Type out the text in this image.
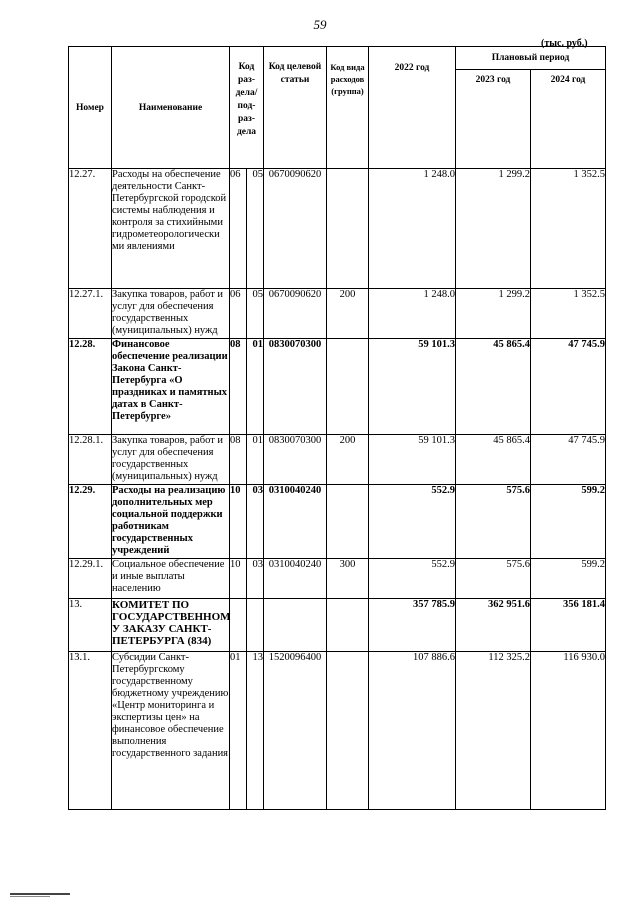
59
(тыс. руб.)
Номер	Наименование	Код раз-дела/ под-раз-дела		Код целевой статьи	Код вида расходов (группа)	2022 год	Плановый период	
							2023 год	2024 год
12.27.	Расходы на обеспечение деятельности Санкт-Петербургской городской системы наблюдения и контроля за стихийными гидрометеорологически ми явлениями	06	05	0670090620		1 248.0	1 299.2	1 352.5
12.27.1.	Закупка товаров, работ и услуг для обеспечения государственных (муниципальных) нужд	06	05	0670090620	200	1 248.0	1 299.2	1 352.5
12.28.	Финансовое обеспечение реализации Закона Санкт-Петербурга «О праздниках и памятных датах в Санкт-Петербурге»	08	01	0830070300		59 101.3	45 865.4	47 745.9
12.28.1.	Закупка товаров, работ и услуг для обеспечения государственных (муниципальных) нужд	08	01	0830070300	200	59 101.3	45 865.4	47 745.9
12.29.	Расходы на реализацию дополнительных мер социальной поддержки работникам государственных учреждений	10	03	0310040240		552.9	575.6	599.2
12.29.1.	Социальное обеспечение и иные выплаты населению	10	03	0310040240	300	552.9	575.6	599.2
13.	КОМИТЕТ ПО ГОСУДАРСТВЕННОМ У ЗАКАЗУ САНКТ-ПЕТЕРБУРГА (834)					357 785.9	362 951.6	356 181.4
13.1.	Субсидии Санкт-Петербургскому государственному бюджетному учреждению «Центр мониторинга и экспертизы цен» на финансовое обеспечение выполнения государственного задания	01	13	1520096400		107 886.6	112 325.2	116 930.0
